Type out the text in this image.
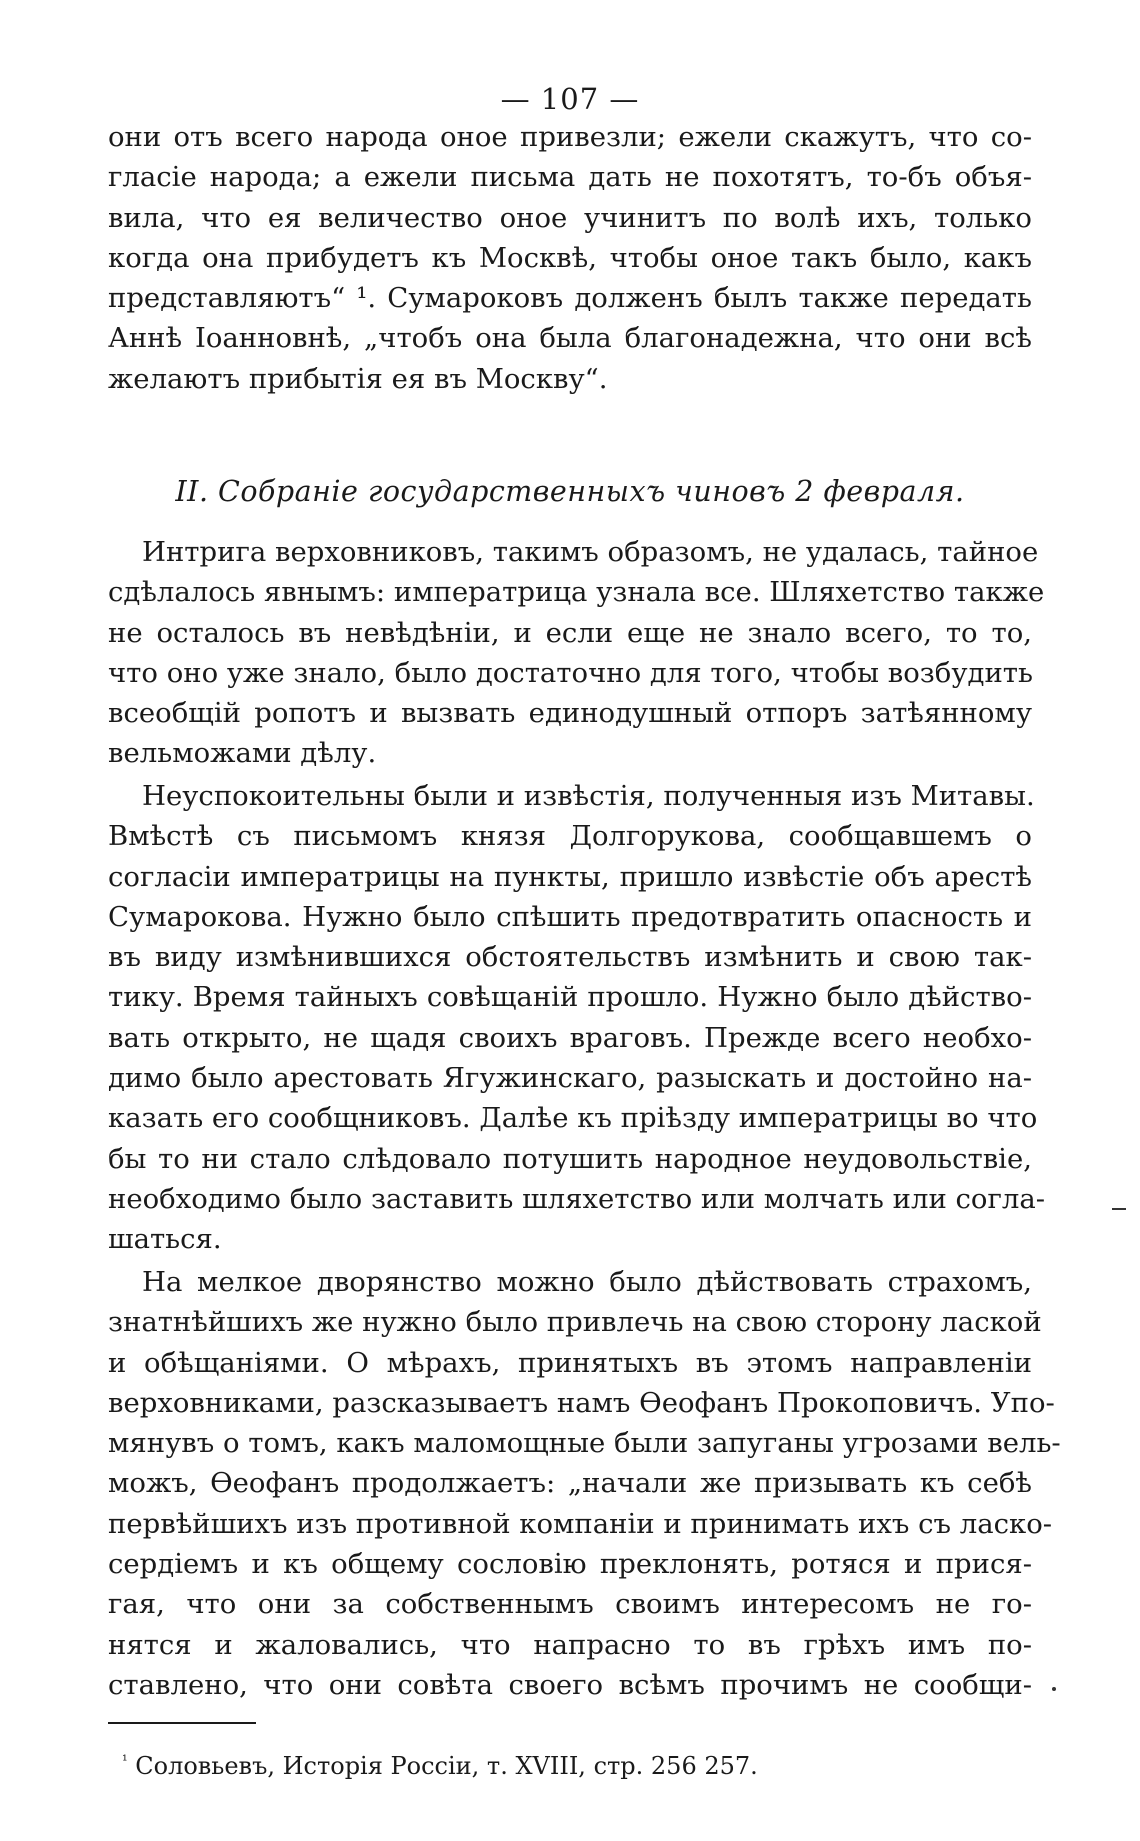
— 107 —
они отъ всего народа оное привезли; ежели скажутъ, что со-
гласіе народа; а ежели письма дать не похотятъ, то-бъ объя-
вила, что ея величество оное учинитъ по волѣ ихъ, только
когда она прибудетъ къ Москвѣ, чтобы оное такъ было, какъ
представляютъ“ ¹. Сумароковъ долженъ былъ также передать
Аннѣ Іоанновнѣ, „чтобъ она была благонадежна, что они всѣ
желаютъ прибытія ея въ Москву“.
II. Собраніе государственныхъ чиновъ 2 февраля.
Интрига верховниковъ, такимъ образомъ, не удалась, тайное
сдѣлалось явнымъ: императрица узнала все. Шляхетство также
не осталось въ невѣдѣніи, и если еще не знало всего, то то,
что оно уже знало, было достаточно для того, чтобы возбудить
всеобщій ропотъ и вызвать единодушный отпоръ затѣянному
вельможами дѣлу.
Неуспокоительны были и извѣстія, полученныя изъ Митавы.
Вмѣстѣ съ письмомъ князя Долгорукова, сообщавшемъ о
согласіи императрицы на пункты, пришло извѣстіе объ арестѣ
Сумарокова. Нужно было спѣшить предотвратить опасность и
въ виду измѣнившихся обстоятельствъ измѣнить и свою так-
тику. Время тайныхъ совѣщаній прошло. Нужно было дѣйство-
вать открыто, не щадя своихъ враговъ. Прежде всего необхо-
димо было арестовать Ягужинскаго, разыскать и достойно на-
казать его сообщниковъ. Далѣе къ пріѣзду императрицы во что
бы то ни стало слѣдовало потушить народное неудовольствіе,
необходимо было заставить шляхетство или молчать или согла-
шаться.
На мелкое дворянство можно было дѣйствовать страхомъ,
знатнѣйшихъ же нужно было привлечь на свою сторону лаской
и обѣщаніями. О мѣрахъ, принятыхъ въ этомъ направленіи
верховниками, разсказываетъ намъ Ѳеофанъ Прокоповичъ. Упо-
мянувъ о томъ, какъ маломощные были запуганы угрозами вель-
можъ, Ѳеофанъ продолжаетъ: „начали же призывать къ себѣ
первѣйшихъ изъ противной компаніи и принимать ихъ съ ласко-
сердіемъ и къ общему сословію преклонять, ротяся и прися-
гая, что они за собственнымъ своимъ интересомъ не го-
нятся и жаловались, что напрасно то въ грѣхъ имъ по-
ставлено, что они совѣта своего всѣмъ прочимъ не сообщи-
$^{^1}$ Соловьевъ, Исторія Россіи, т. XVIII, стр. 256 257.
